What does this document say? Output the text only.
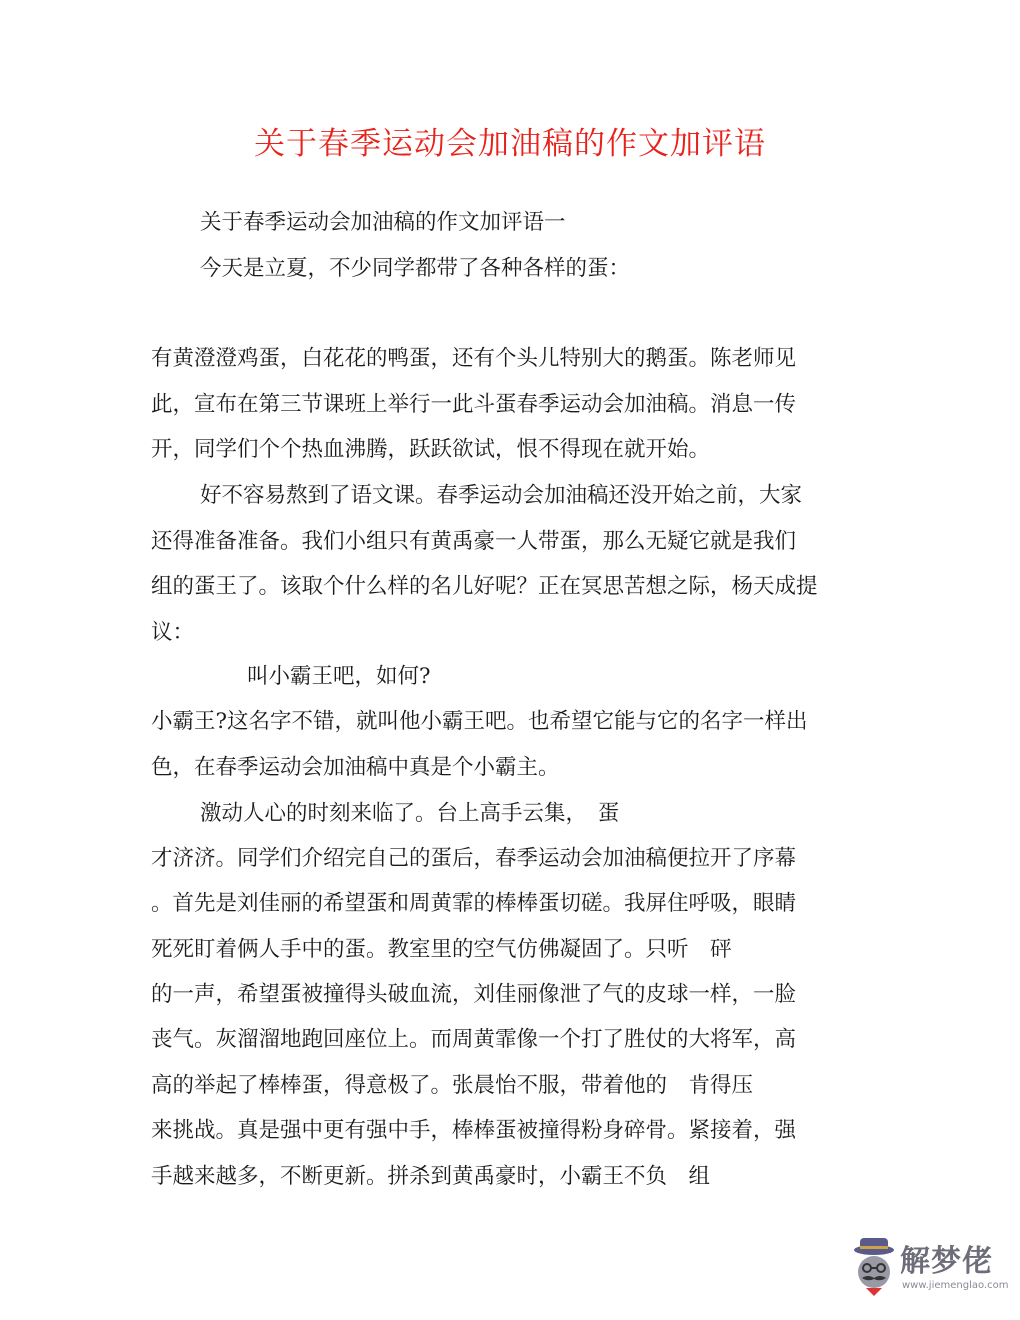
关于春季运动会加油稿的作文加评语
关于春季运动会加油稿的作文加评语一
今天是立夏，不少同学都带了各种各样的蛋：
有黄澄澄鸡蛋，白花花的鸭蛋，还有个头儿特别大的鹅蛋。陈老师见
此，宣布在第三节课班上举行一此斗蛋春季运动会加油稿。消息一传
开，同学们个个热血沸腾，跃跃欲试，恨不得现在就开始。
好不容易熬到了语文课。春季运动会加油稿还没开始之前，大家
还得准备准备。我们小组只有黄禹豪一人带蛋，那么无疑它就是我们
组的蛋王了。该取个什么样的名儿好呢？正在冥思苦想之际，杨天成提
议：
叫小霸王吧，如何?
小霸王?这名字不错，就叫他小霸王吧。也希望它能与它的名字一样出
色，在春季运动会加油稿中真是个小霸主。
激动人心的时刻来临了。台上高手云集，　蛋
才济济。同学们介绍完自己的蛋后，春季运动会加油稿便拉开了序幕
。首先是刘佳丽的希望蛋和周黄霏的棒棒蛋切磋。我屏住呼吸，眼睛
死死盯着俩人手中的蛋。教室里的空气仿佛凝固了。只听　砰
的一声，希望蛋被撞得头破血流，刘佳丽像泄了气的皮球一样，一脸
丧气。灰溜溜地跑回座位上。而周黄霏像一个打了胜仗的大将军，高
高的举起了棒棒蛋，得意极了。张晨怡不服，带着他的　肯得压
来挑战。真是强中更有强中手，棒棒蛋被撞得粉身碎骨。紧接着，强
手越来越多，不断更新。拼杀到黄禹豪时，小霸王不负　组
解梦佬
www.jiemenglao.com
